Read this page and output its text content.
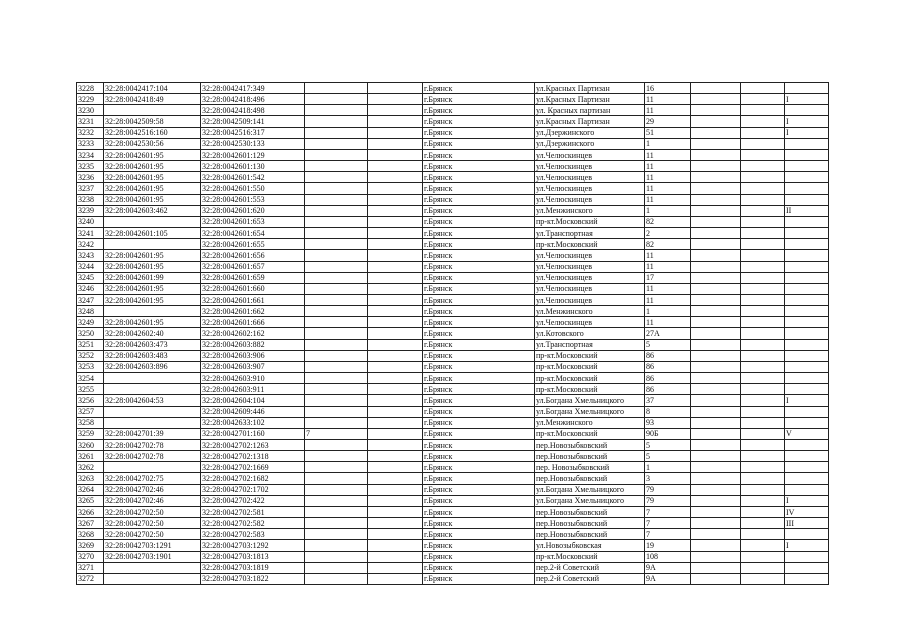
3228	32:28:0042417:104	32:28:0042417:349			г.Брянск	ул.Красных Партизан	16			
3229	32:28:0042418:49	32:28:0042418:496			г.Брянск	ул.Красных Партизан	11			I
3230		32:28:0042418:498			г.Брянск	ул. Красных партизан	11			
3231	32:28:0042509:58	32:28:0042509:141			г.Брянск	ул.Красных Партизан	29			I
3232	32:28:0042516:160	32:28:0042516:317			г.Брянск	ул.Дзержинского	51			I
3233	32:28:0042530:56	32:28:0042530:133			г.Брянск	ул.Дзержинского	1			
3234	32:28:0042601:95	32:28:0042601:129			г.Брянск	ул.Челюскинцев	11			
3235	32:28:0042601:95	32:28:0042601:130			г.Брянск	ул.Челюскинцев	11			
3236	32:28:0042601:95	32:28:0042601:542			г.Брянск	ул.Челюскинцев	11			
3237	32:28:0042601:95	32:28:0042601:550			г.Брянск	ул.Челюскинцев	11			
3238	32:28:0042601:95	32:28:0042601:553			г.Брянск	ул.Челюскинцев	11			
3239	32:28:0042603:462	32:28:0042601:620			г.Брянск	ул.Менжинского	1			II
3240		32:28:0042601:653			г.Брянск	пр-кт.Московский	82			
3241	32:28:0042601:105	32:28:0042601:654			г.Брянск	ул.Транспортная	2			
3242		32:28:0042601:655			г.Брянск	пр-кт.Московский	82			
3243	32:28:0042601:95	32:28:0042601:656			г.Брянск	ул.Челюскинцев	11			
3244	32:28:0042601:95	32:28:0042601:657			г.Брянск	ул.Челюскинцев	11			
3245	32:28:0042601:99	32:28:0042601:659			г.Брянск	ул.Челюскинцев	17			
3246	32:28:0042601:95	32:28:0042601:660			г.Брянск	ул.Челюскинцев	11			
3247	32:28:0042601:95	32:28:0042601:661			г.Брянск	ул.Челюскинцев	11			
3248		32:28:0042601:662			г.Брянск	ул.Менжинского	1			
3249	32:28:0042601:95	32:28:0042601:666			г.Брянск	ул.Челюскинцев	11			
3250	32:28:0042602:40	32:28:0042602:162			г.Брянск	ул.Котовского	27А			
3251	32:28:0042603:473	32:28:0042603:882			г.Брянск	ул.Транспортная	5			
3252	32:28:0042603:483	32:28:0042603:906			г.Брянск	пр-кт.Московский	86			
3253	32:28:0042603:896	32:28:0042603:907			г.Брянск	пр-кт.Московский	86			
3254		32:28:0042603:910			г.Брянск	пр-кт.Московский	86			
3255		32:28:0042603:911			г.Брянск	пр-кт.Московский	86			
3256	32:28:0042604:53	32:28:0042604:104			г.Брянск	ул.Богдана Хмельницкого	37			I
3257		32:28:0042609:446			г.Брянск	ул.Богдана Хмельницкого	8			
3258		32:28:0042633:102			г.Брянск	ул.Менжинского	93			
3259	32:28:0042701:39	32:28:0042701:160	7		г.Брянск	пр-кт.Московский	90Б			V
3260	32:28:0042702:78	32:28:0042702:1263			г.Брянск	пер.Новозыбковский	5			
3261	32:28:0042702:78	32:28:0042702:1318			г.Брянск	пер.Новозыбковский	5			
3262		32:28:0042702:1669			г.Брянск	пер. Новозыбковский	1			
3263	32:28:0042702:75	32:28:0042702:1682			г.Брянск	пер.Новозыбковский	3			
3264	32:28:0042702:46	32:28:0042702:1702			г.Брянск	ул.Богдана Хмельницкого	79			
3265	32:28:0042702:46	32:28:0042702:422			г.Брянск	ул.Богдана Хмельницкого	79			I
3266	32:28:0042702:50	32:28:0042702:581			г.Брянск	пер.Новозыбковский	7			IV
3267	32:28:0042702:50	32:28:0042702:582			г.Брянск	пер.Новозыбковский	7			III
3268	32:28:0042702:50	32:28:0042702:583			г.Брянск	пер.Новозыбковский	7			
3269	32:28:0042703:1291	32:28:0042703:1292			г.Брянск	ул.Новозыбковская	19			I
3270	32:28:0042703:1901	32:28:0042703:1813			г.Брянск	пр-кт.Московский	108			
3271		32:28:0042703:1819			г.Брянск	пер.2-й Советский	9А			
3272		32:28:0042703:1822			г.Брянск	пер.2-й Советский	9А			
